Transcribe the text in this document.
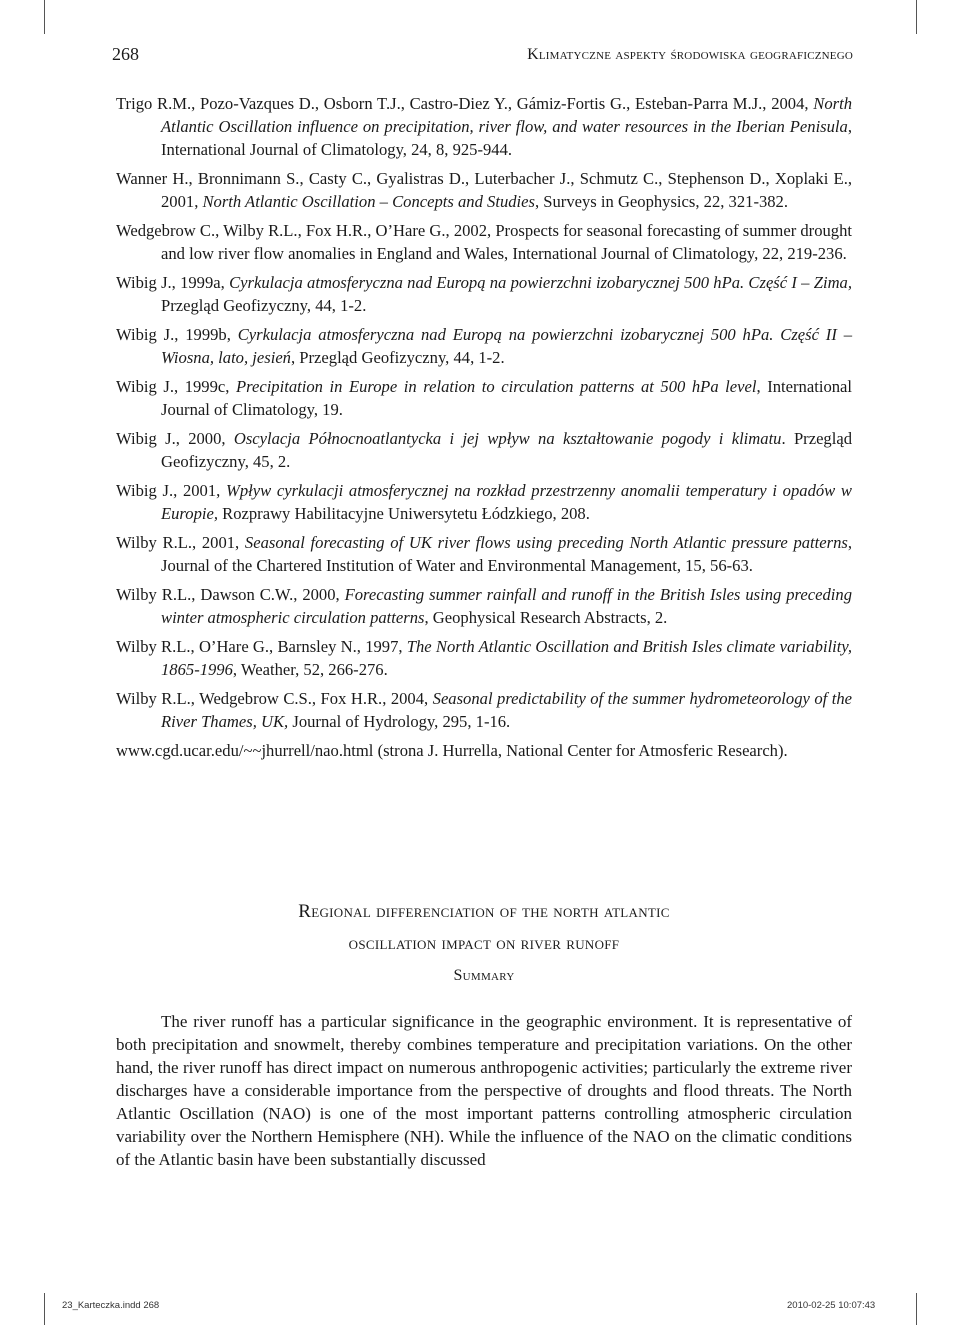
268	Klimatyczne aspekty środowiska geograficznego

Trigo R.M., Pozo-Vazques D., Osborn T.J., Castro-Diez Y., Gámiz-Fortis G., Esteban-Parra M.J., 2004, North Atlantic Oscillation influence on precipitation, river flow, and water resources in the Iberian Penisula, International Journal of Climatology, 24, 8, 925-944.

Wanner H., Bronnimann S., Casty C., Gyalistras D., Luterbacher J., Schmutz C., Stephenson D., Xoplaki E., 2001, North Atlantic Oscillation – Concepts and Studies, Surveys in Geophysics, 22, 321-382.

Wedgebrow C., Wilby R.L., Fox H.R., O’Hare G., 2002, Prospects for seasonal forecasting of summer drought and low river flow anomalies in England and Wales, International Journal of Climatology, 22, 219-236.

Wibig J., 1999a, Cyrkulacja atmosferyczna nad Europą na powierzchni izobarycznej 500 hPa. Część I – Zima, Przegląd Geofizyczny, 44, 1-2.

Wibig J., 1999b, Cyrkulacja atmosferyczna nad Europą na powierzchni izobarycznej 500 hPa. Część II – Wiosna, lato, jesień, Przegląd Geofizyczny, 44, 1-2.

Wibig J., 1999c, Precipitation in Europe in relation to circulation patterns at 500 hPa level, International Journal of Climatology, 19.

Wibig J., 2000, Oscylacja Północnoatlantycka i jej wpływ na kształtowanie pogody i klimatu. Przegląd Geofizyczny, 45, 2.

Wibig J., 2001, Wpływ cyrkulacji atmosferycznej na rozkład przestrzenny anomalii temperatury i opadów w Europie, Rozprawy Habilitacyjne Uniwersytetu Łódzkiego, 208.

Wilby R.L., 2001, Seasonal forecasting of UK river flows using preceding North Atlantic pressure patterns, Journal of the Chartered Institution of Water and Environmental Management, 15, 56-63.

Wilby R.L., Dawson C.W., 2000, Forecasting summer rainfall and runoff in the British Isles using preceding winter atmospheric circulation patterns, Geophysical Research Abstracts, 2.

Wilby R.L., O’Hare G., Barnsley N., 1997, The North Atlantic Oscillation and British Isles climate variability, 1865-1996, Weather, 52, 266-276.

Wilby R.L., Wedgebrow C.S., Fox H.R., 2004, Seasonal predictability of the summer hydrometeorology of the River Thames, UK, Journal of Hydrology, 295, 1-16.

www.cgd.ucar.edu/~~jhurrell/nao.html (strona J. Hurrella, National Center for Atmosferic Research).

Regional differenciation of the north atlantic
oscillation impact on river runoff
Summary

The river runoff has a particular significance in the geographic environment. It is representative of both precipitation and snowmelt, thereby combines temperature and precipitation variations. On the other hand, the river runoff has direct impact on numerous anthropogenic activities; particularly the extreme river discharges have a considerable importance from the perspective of droughts and flood threats. The North Atlantic Oscillation (NAO) is one of the most important patterns controlling atmospheric circulation variability over the Northern Hemisphere (NH). While the influence of the NAO on the climatic conditions of the Atlantic basin have been substantially discussed

23_Karteczka.indd 268	2010-02-25 10:07:43
